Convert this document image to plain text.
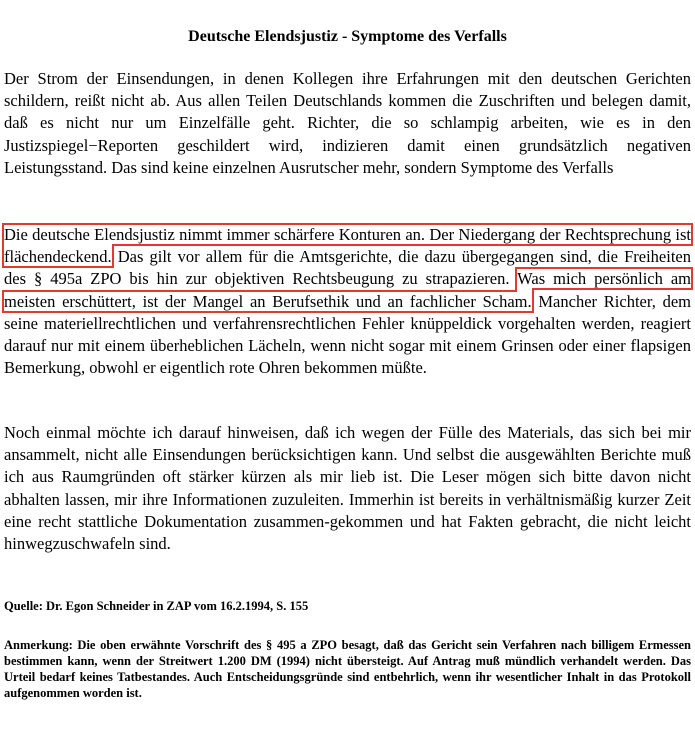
Deutsche Elendsjustiz - Symptome des Verfalls
Der Strom der Einsendungen, in denen Kollegen ihre Erfahrungen mit den deutschen Gerichten schildern, reißt nicht ab. Aus allen Teilen Deutschlands kommen die Zuschriften und belegen damit, daß es nicht nur um Einzelfälle geht. Richter, die so schlampig arbeiten, wie es in den Justizspiegel−Reporten geschildert wird, indizieren damit einen grundsätzlich negativen Leistungsstand. Das sind keine einzelnen Ausrutscher mehr, sondern Symptome des Verfalls
Die deutsche Elendsjustiz nimmt immer schärfere Konturen an. Der Niedergang der Rechtsprechung ist flächendeckend. Das gilt vor allem für die Amtsgerichte, die dazu übergegangen sind, die Freiheiten des § 495a ZPO bis hin zur objektiven Rechtsbeugung zu strapazieren. Was mich persönlich am meisten erschüttert, ist der Mangel an Berufsethik und an fachlicher Scham. Mancher Richter, dem seine materiellrechtlichen und verfahrensrechtlichen Fehler knüppeldick vorgehalten werden, reagiert darauf nur mit einem überheblichen Lächeln, wenn nicht sogar mit einem Grinsen oder einer flapsigen Bemerkung, obwohl er eigentlich rote Ohren bekommen müßte.
Noch einmal möchte ich darauf hinweisen, daß ich wegen der Fülle des Materials, das sich bei mir ansammelt, nicht alle Einsendungen berücksichtigen kann. Und selbst die ausgewählten Berichte muß ich aus Raumgründen oft stärker kürzen als mir lieb ist. Die Leser mögen sich bitte davon nicht abhalten lassen, mir ihre Informationen zuzuleiten. Immerhin ist bereits in verhältnismäßig kurzer Zeit eine recht stattliche Dokumentation zusammen-gekommen und hat Fakten gebracht, die nicht leicht hinwegzuschwafeln sind.
Quelle: Dr. Egon Schneider in ZAP vom 16.2.1994, S. 155
Anmerkung: Die oben erwähnte Vorschrift des § 495 a ZPO besagt, daß das Gericht sein Verfahren nach billigem Ermessen bestimmen kann, wenn der Streitwert 1.200 DM (1994) nicht übersteigt. Auf Antrag muß mündlich verhandelt werden. Das Urteil bedarf keines Tatbestandes. Auch Entscheidungsgründe sind entbehrlich, wenn ihr wesentlicher Inhalt in das Protokoll aufgenommen worden ist.
